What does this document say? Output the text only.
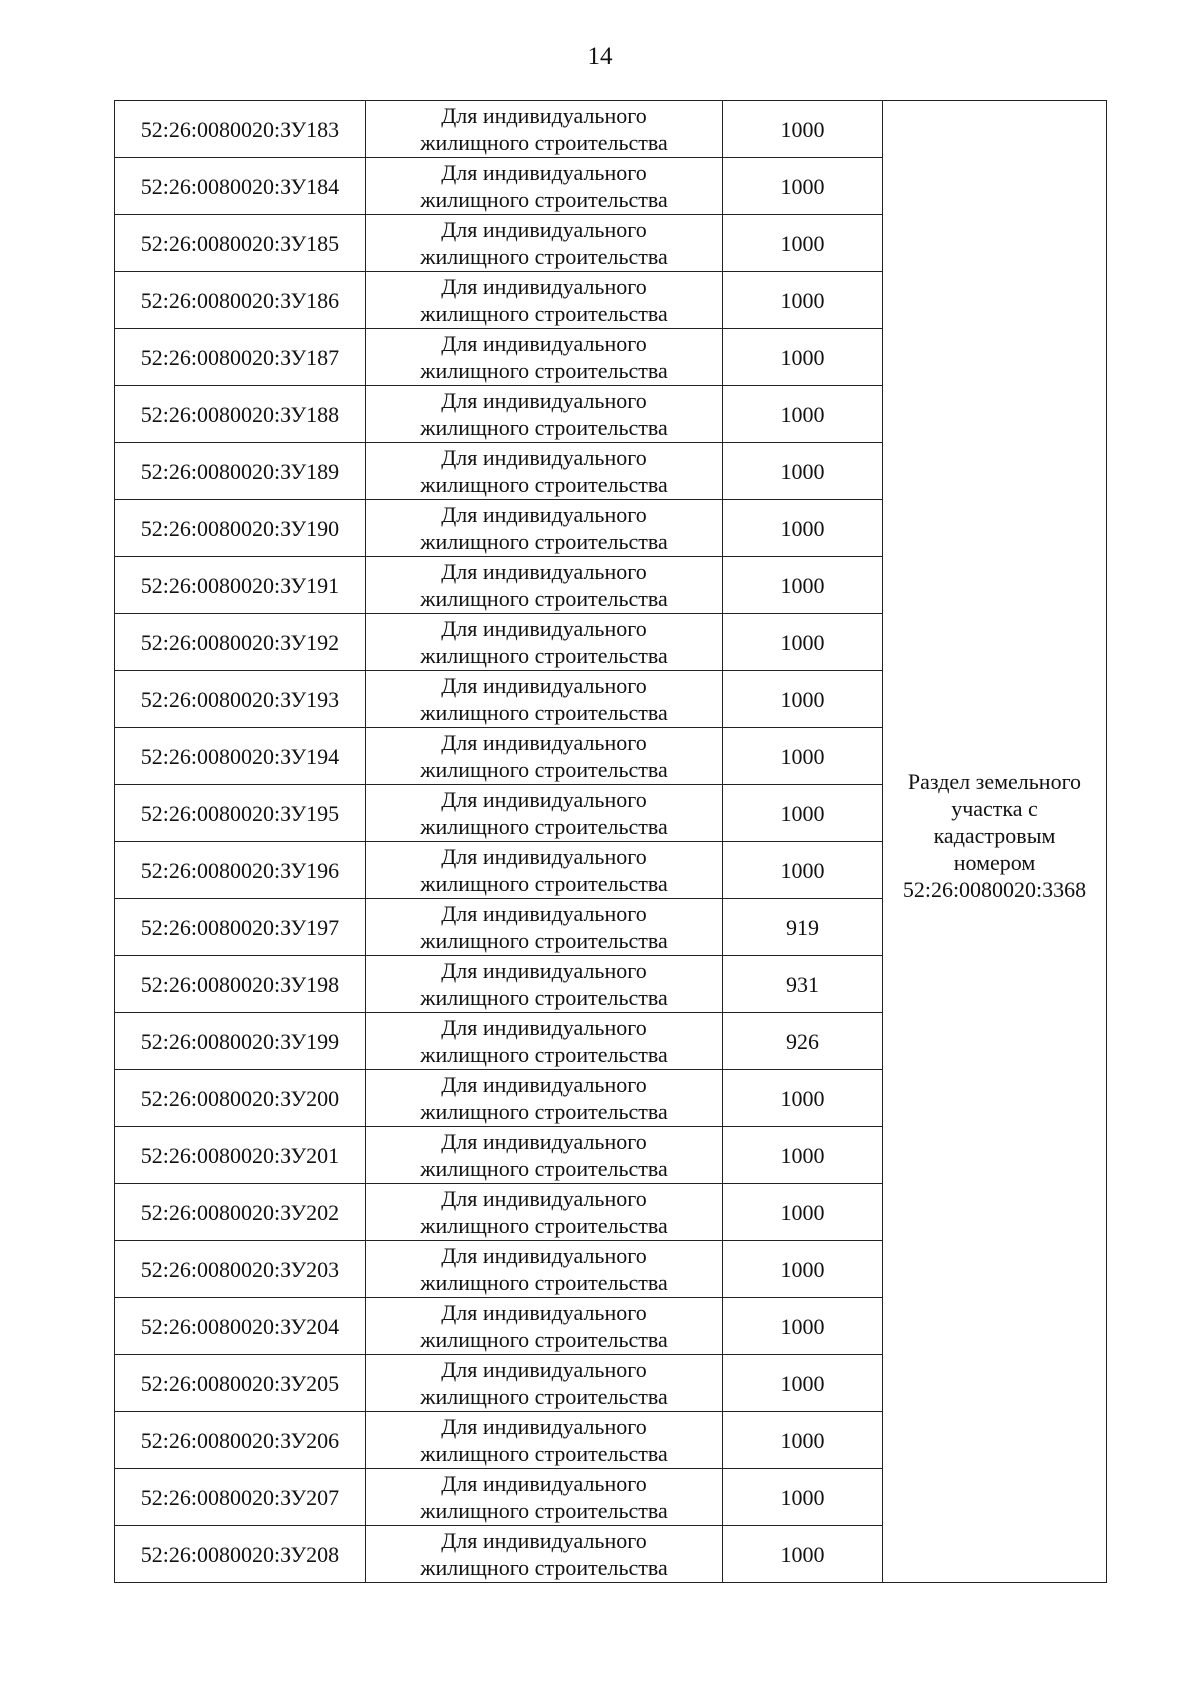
14
52:26:0080020:ЗУ183	Для индивидуального
жилищного строительства	1000	Раздел земельного
участка с
кадастровым
номером
52:26:0080020:3368

52:26:0080020:ЗУ184	Для индивидуального
жилищного строительства	1000	
52:26:0080020:ЗУ185	Для индивидуального
жилищного строительства	1000	
52:26:0080020:ЗУ186	Для индивидуального
жилищного строительства	1000	
52:26:0080020:ЗУ187	Для индивидуального
жилищного строительства	1000	
52:26:0080020:ЗУ188	Для индивидуального
жилищного строительства	1000	
52:26:0080020:ЗУ189	Для индивидуального
жилищного строительства	1000	
52:26:0080020:ЗУ190	Для индивидуального
жилищного строительства	1000	
52:26:0080020:ЗУ191	Для индивидуального
жилищного строительства	1000	
52:26:0080020:ЗУ192	Для индивидуального
жилищного строительства	1000	
52:26:0080020:ЗУ193	Для индивидуального
жилищного строительства	1000	
52:26:0080020:ЗУ194	Для индивидуального
жилищного строительства	1000	
52:26:0080020:ЗУ195	Для индивидуального
жилищного строительства	1000	
52:26:0080020:ЗУ196	Для индивидуального
жилищного строительства	1000	
52:26:0080020:ЗУ197	Для индивидуального
жилищного строительства	919	
52:26:0080020:ЗУ198	Для индивидуального
жилищного строительства	931	
52:26:0080020:ЗУ199	Для индивидуального
жилищного строительства	926	
52:26:0080020:ЗУ200	Для индивидуального
жилищного строительства	1000	
52:26:0080020:ЗУ201	Для индивидуального
жилищного строительства	1000	
52:26:0080020:ЗУ202	Для индивидуального
жилищного строительства	1000	
52:26:0080020:ЗУ203	Для индивидуального
жилищного строительства	1000	
52:26:0080020:ЗУ204	Для индивидуального
жилищного строительства	1000	
52:26:0080020:ЗУ205	Для индивидуального
жилищного строительства	1000	
52:26:0080020:ЗУ206	Для индивидуального
жилищного строительства	1000	
52:26:0080020:ЗУ207	Для индивидуального
жилищного строительства	1000	
52:26:0080020:ЗУ208	Для индивидуального
жилищного строительства	1000	
